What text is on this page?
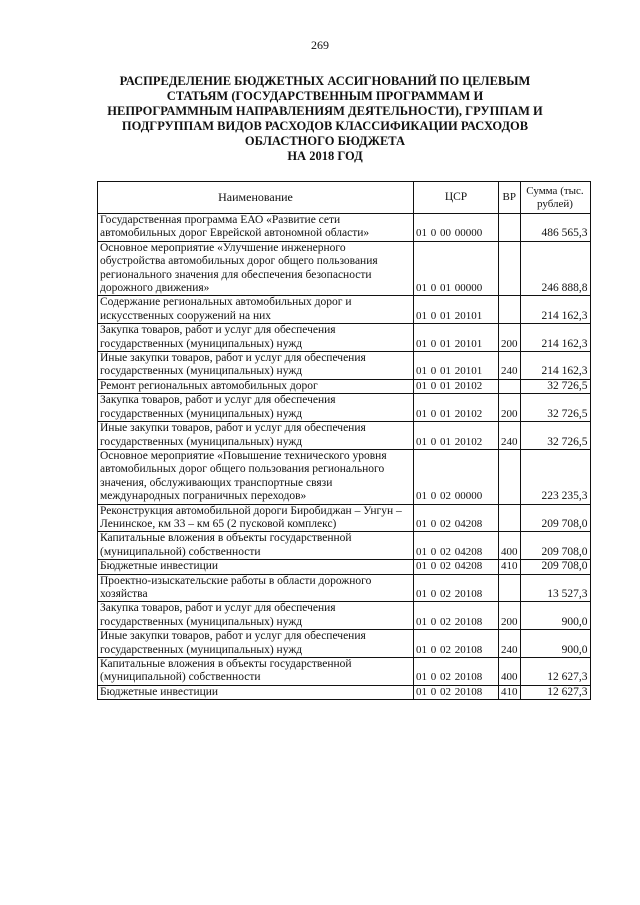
269
РАСПРЕДЕЛЕНИЕ БЮДЖЕТНЫХ АССИГНОВАНИЙ ПО ЦЕЛЕВЫМ
СТАТЬЯМ (ГОСУДАРСТВЕННЫМ ПРОГРАММАМ И
НЕПРОГРАММНЫМ НАПРАВЛЕНИЯМ ДЕЯТЕЛЬНОСТИ), ГРУППАМ И
ПОДГРУППАМ ВИДОВ РАСХОДОВ КЛАССИФИКАЦИИ РАСХОДОВ
ОБЛАСТНОГО БЮДЖЕТА
НА 2018 ГОД
Наименование	ЦСР	ВР	Сумма (тыс. рублей)
Государственная программа ЕАО «Развитие сети автомобильных дорог Еврейской автономной области»	01 0 00 00000		486 565,3
Основное мероприятие «Улучшение инженерного обустройства автомобильных дорог общего пользования регионального значения для обеспечения безопасности дорожного движения»	01 0 01 00000		246 888,8
Содержание региональных автомобильных дорог и искусственных сооружений на них	01 0 01 20101		214 162,3
Закупка товаров, работ и услуг для обеспечения государственных (муниципальных) нужд	01 0 01 20101	200	214 162,3
Иные закупки товаров, работ и услуг для обеспечения государственных (муниципальных) нужд	01 0 01 20101	240	214 162,3
Ремонт региональных автомобильных дорог	01 0 01 20102		32 726,5
Закупка товаров, работ и услуг для обеспечения государственных (муниципальных) нужд	01 0 01 20102	200	32 726,5
Иные закупки товаров, работ и услуг для обеспечения государственных (муниципальных) нужд	01 0 01 20102	240	32 726,5
Основное мероприятие «Повышение технического уровня автомобильных дорог общего пользования регионального значения, обслуживающих транспортные связи международных пограничных переходов»	01 0 02 00000		223 235,3
Реконструкция автомобильной дороги Биробиджан – Унгун – Ленинское, км 33 – км 65 (2 пусковой комплекс)	01 0 02 04208		209 708,0
Капитальные вложения в объекты государственной (муниципальной) собственности	01 0 02 04208	400	209 708,0
Бюджетные инвестиции	01 0 02 04208	410	209 708,0
Проектно-изыскательские работы в области дорожного хозяйства	01 0 02 20108		13 527,3
Закупка товаров, работ и услуг для обеспечения государственных (муниципальных) нужд	01 0 02 20108	200	900,0
Иные закупки товаров, работ и услуг для обеспечения государственных (муниципальных) нужд	01 0 02 20108	240	900,0
Капитальные вложения в объекты государственной (муниципальной) собственности	01 0 02 20108	400	12 627,3
Бюджетные инвестиции	01 0 02 20108	410	12 627,3
